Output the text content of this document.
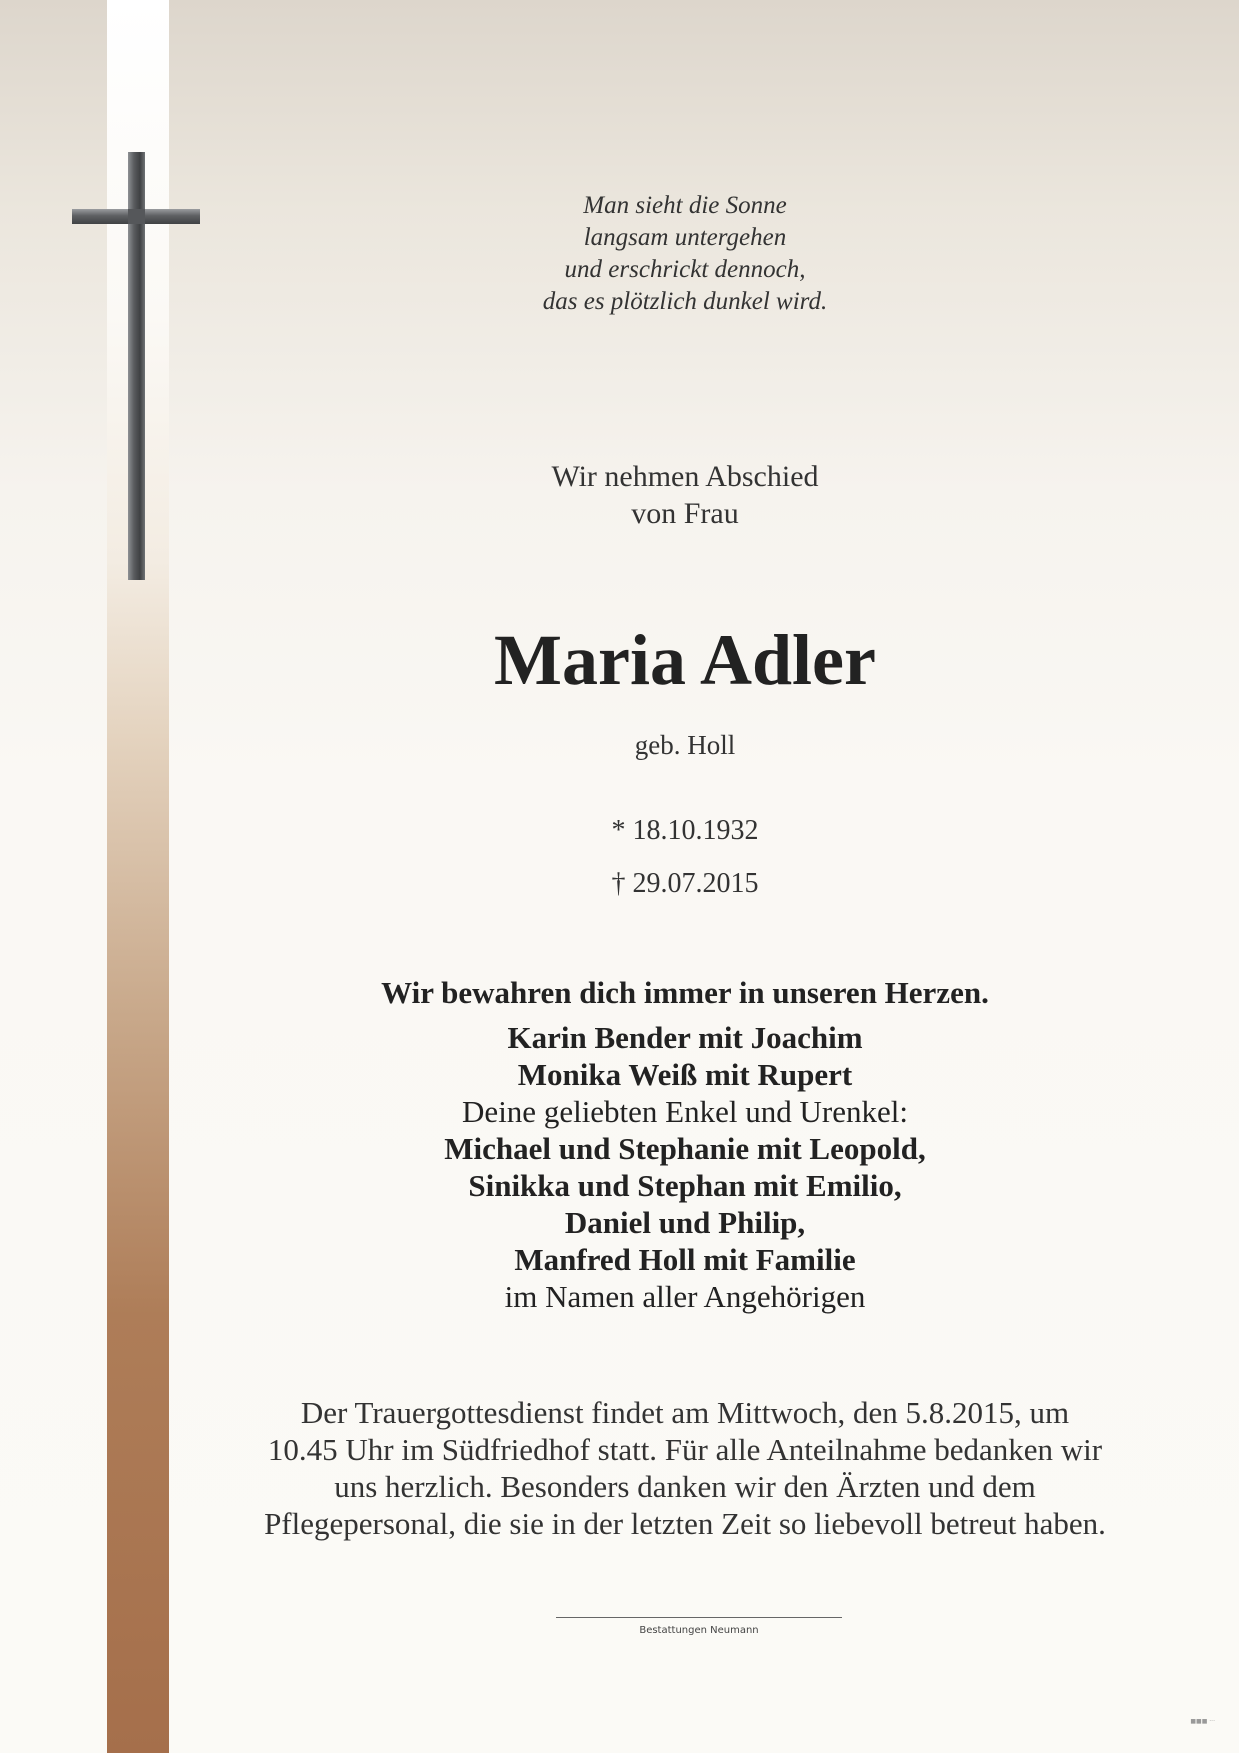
Man sieht die Sonne
langsam untergehen
und erschrickt dennoch,
das es plötzlich dunkel wird.
Wir nehmen Abschied
von Frau
Maria Adler
geb. Holl
* 18.10.1932
† 29.07.2015
Wir bewahren dich immer in unseren Herzen.
Karin Bender mit Joachim
Monika Weiß mit Rupert
Deine geliebten Enkel und Urenkel:
Michael und Stephanie mit Leopold,
Sinikka und Stephan mit Emilio,
Daniel und Philip,
Manfred Holl mit Familie
im Namen aller Angehörigen
Der Trauergottesdienst findet am Mittwoch, den 5.8.2015, um
10.45 Uhr im Südfriedhof statt. Für alle Anteilnahme bedanken wir
uns herzlich. Besonders danken wir den Ärzten und dem
Pflegepersonal, die sie in der letzten Zeit so liebevoll betreut haben.
Bestattungen Neumann
■■■ ···
